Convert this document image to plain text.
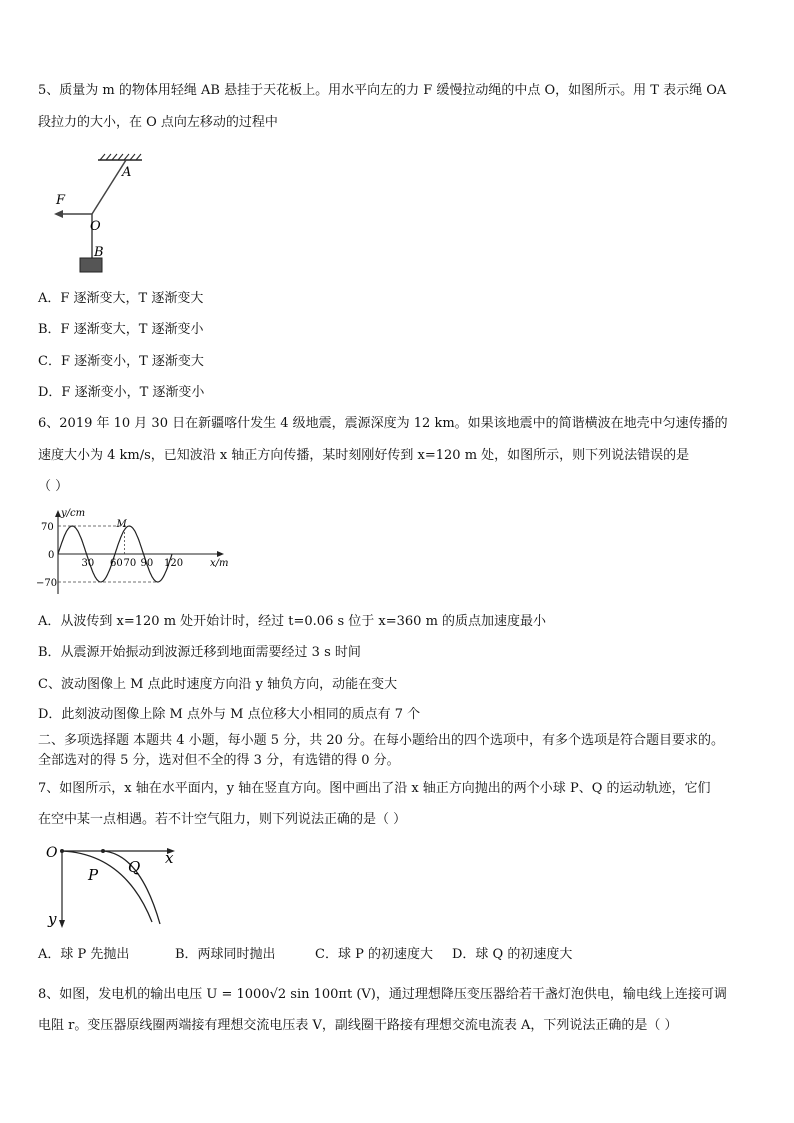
5、质量为 m 的物体用轻绳 AB 悬挂于天花板上。用水平向左的力 F 缓慢拉动绳的中点 O，如图所示。用 T 表示绳 OA
段拉力的大小，在 O 点向左移动的过程中
A
F
O
B
A．F 逐渐变大，T 逐渐变大
B．F 逐渐变大，T 逐渐变小
C．F 逐渐变小，T 逐渐变大
D．F 逐渐变小，T 逐渐变小
6、2019 年 10 月 30 日在新疆喀什发生 4 级地震，震源深度为 12 km。如果该地震中的简谐横波在地壳中匀速传播的
速度大小为 4 km/s，已知波沿 x 轴正方向传播，某时刻刚好传到 x=120 m 处，如图所示，则下列说法错误的是
（ ）
y/cm
x/m
70
0
−70
30 60 70 90 120
M
A．从波传到 x=120 m 处开始计时，经过 t=0.06 s 位于 x=360 m 的质点加速度最小
B．从震源开始振动到波源迁移到地面需要经过 3 s 时间
C、波动图像上 M 点此时速度方向沿 y 轴负方向，动能在变大
D．此刻波动图像上除 M 点外与 M 点位移大小相同的质点有 7 个
二、多项选择题 本题共 4 小题，每小题 5 分，共 20 分。在每小题给出的四个选项中，有多个选项是符合题目要求的。
全部选对的得 5 分，选对但不全的得 3 分，有选错的得 0 分。
7、如图所示，x 轴在水平面内，y 轴在竖直方向。图中画出了沿 x 轴正方向抛出的两个小球 P、Q 的运动轨迹，它们
在空中某一点相遇。若不计空气阻力，则下列说法正确的是（ ）
O	x
y
P Q
A．球 P 先抛出	B．两球同时抛出	C．球 P 的初速度大 D．球 Q 的初速度大
8、如图，发电机的输出电压 U = 1000√2 sin 100πt (V)，通过理想降压变压器给若干盏灯泡供电，输电线上连接可调
电阻 r。变压器原线圈两端接有理想交流电压表 V，副线圈干路接有理想交流电流表 A，下列说法正确的是（ ）
